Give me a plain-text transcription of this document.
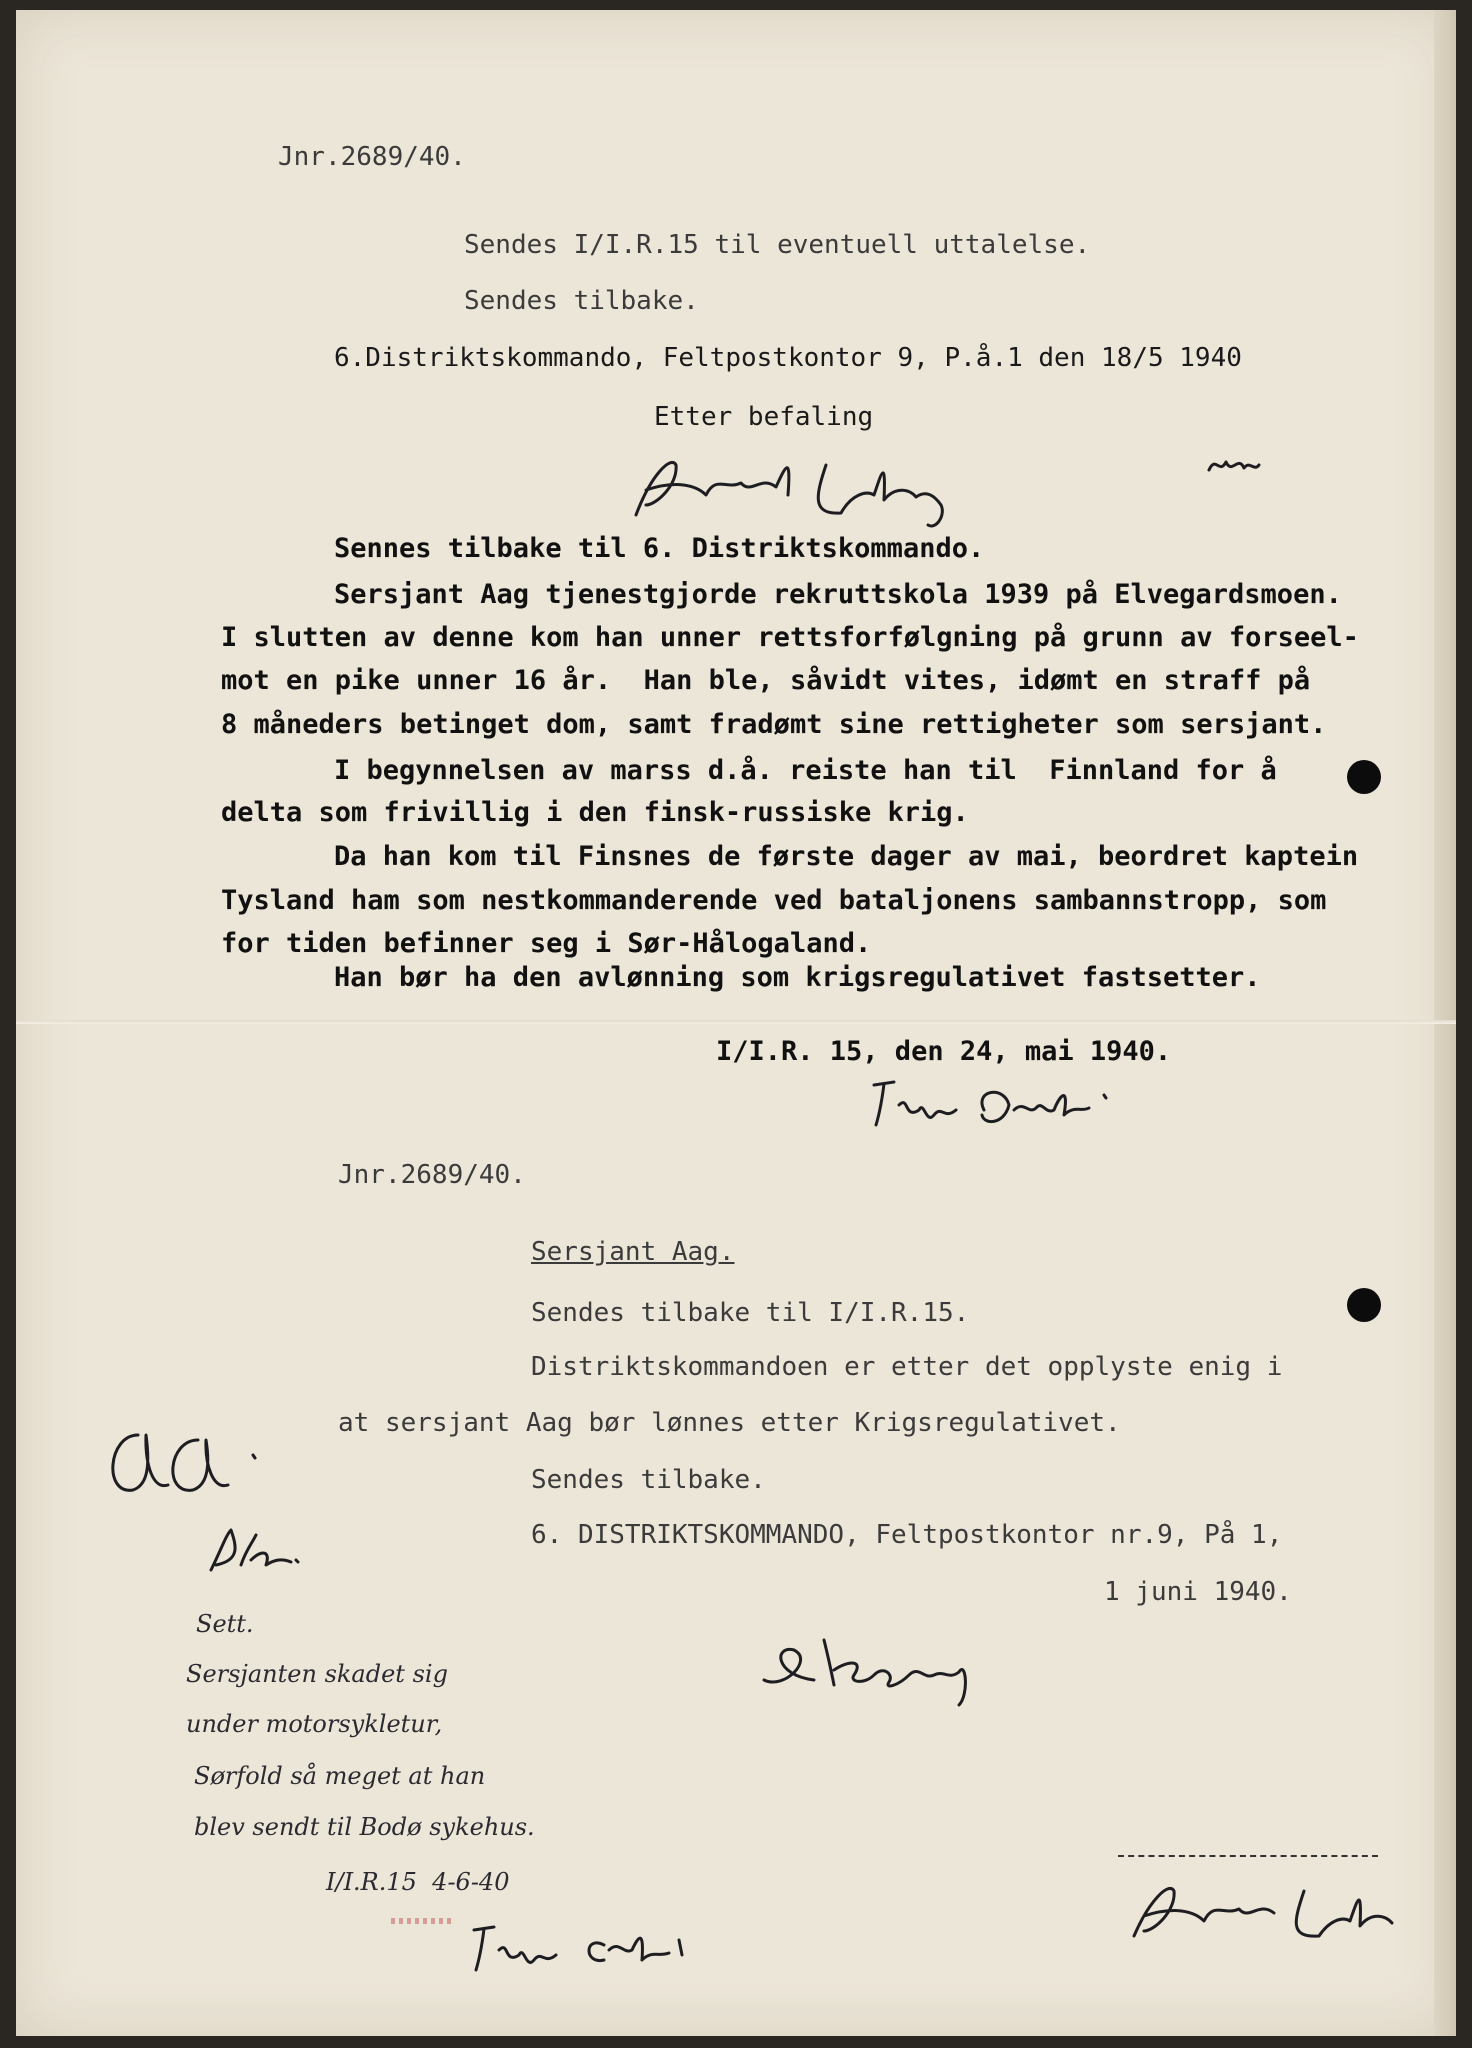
Jnr.2689/40.
Sendes I/I.R.15 til eventuell uttalelse.
Sendes tilbake.
6.Distriktskommando, Feltpostkontor 9, P.å.1 den 18/5 1940
Etter befaling
Sennes tilbake til 6. Distriktskommando.
Sersjant Aag tjenestgjorde rekruttskola 1939 på Elvegardsmoen.
I slutten av denne kom han unner rettsforfølgning på grunn av forseel-
mot en pike unner 16 år.  Han ble, såvidt vites, idømt en straff på
8 måneders betinget dom, samt fradømt sine rettigheter som sersjant.
I begynnelsen av marss d.å. reiste han til  Finnland for å
delta som frivillig i den finsk-russiske krig.
Da han kom til Finsnes de første dager av mai, beordret kaptein
Tysland ham som nestkommanderende ved bataljonens sambannstropp, som
for tiden befinner seg i Sør-Hålogaland.
Han bør ha den avlønning som krigsregulativet fastsetter.
I/I.R. 15, den 24, mai 1940.
Jnr.2689/40.
Sersjant Aag.
Sendes tilbake til I/I.R.15.
Distriktskommandoen er etter det opplyste enig i
at sersjant Aag bør lønnes etter Krigsregulativet.
Sendes tilbake.
6. DISTRIKTSKOMMANDO, Feltpostkontor nr.9, På 1,
1 juni 1940.
Sett.
Sersjanten skadet sig
under motorsykletur,
Sørfold så meget at han
blev sendt til Bodø sykehus.
I/I.R.15  4-6-40
